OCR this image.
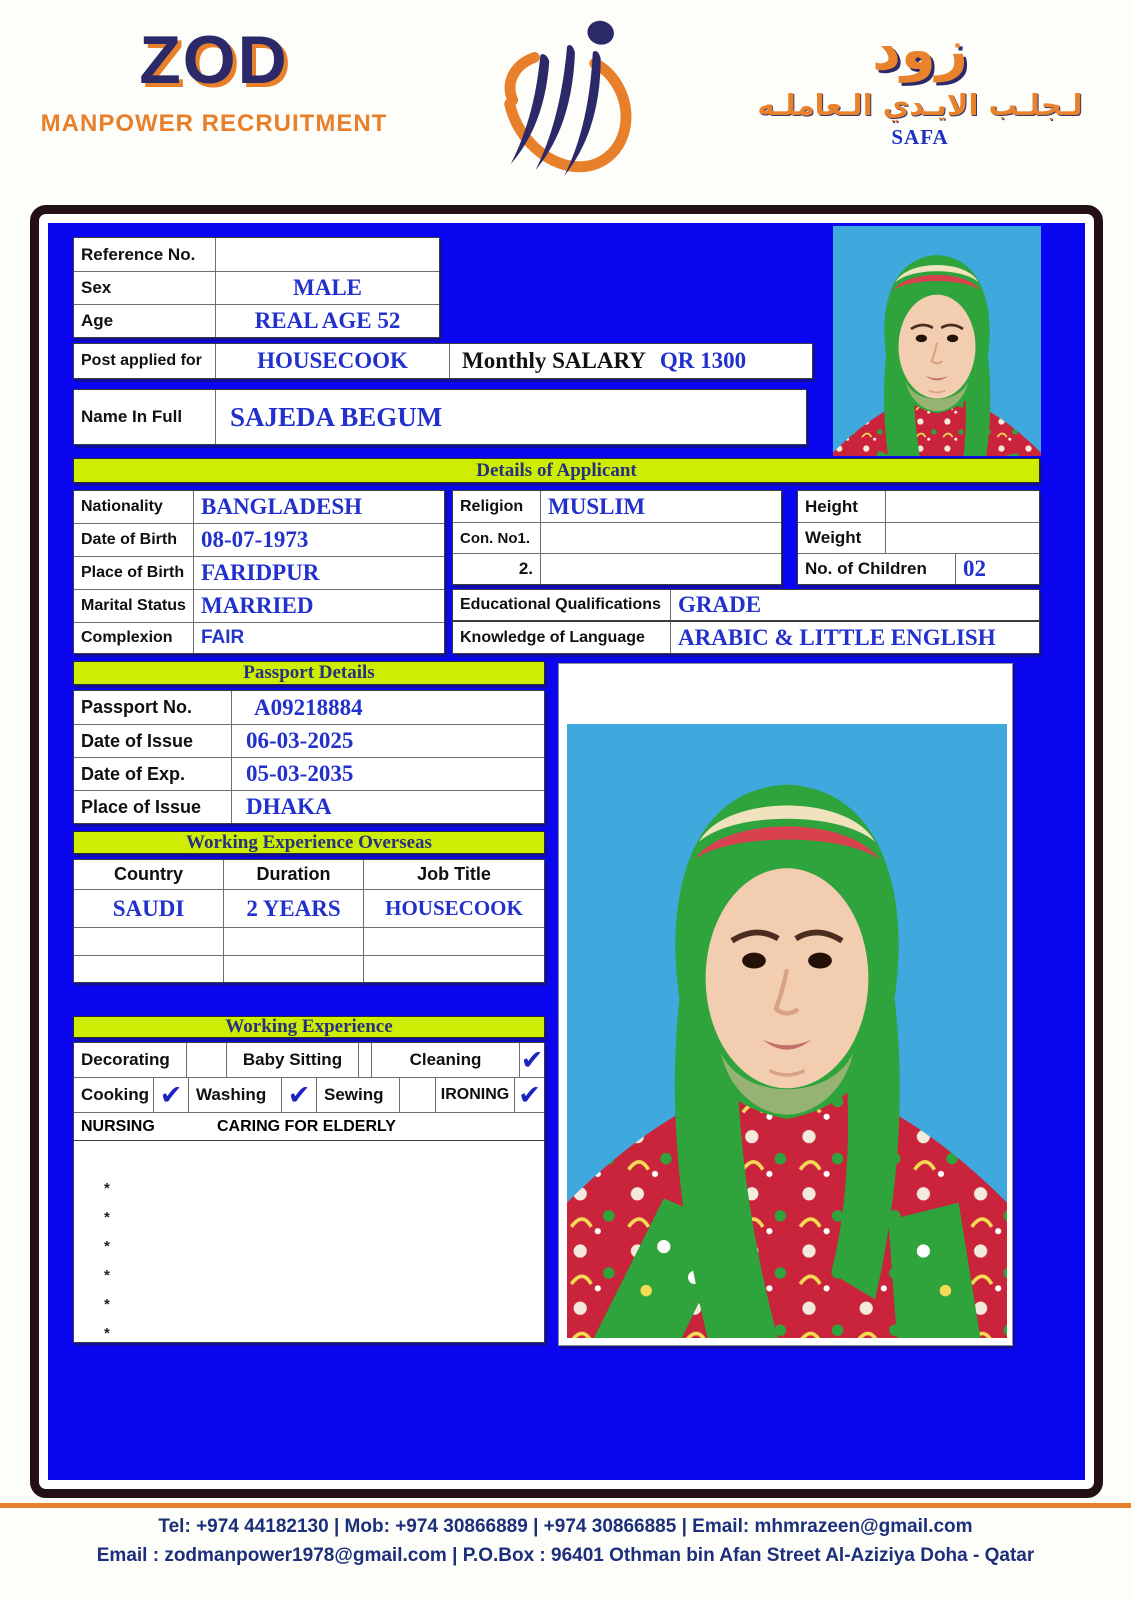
ZOD
MANPOWER RECRUITMENT
زود
لـجلـب الايـدي الـعاملـه
SAFA
Reference No.
Sex	MALE
Age	REAL AGE 52
Post applied for HOUSECOOK Monthly SALARY QR 1300
Name In Full SAJEDA BEGUM
Details of Applicant
Nationality BANGLADESH
Date of Birth 08-07-1973
Place of Birth FARIDPUR
Marital Status MARRIED
Complexion FAIR
Religion MUSLIM
Con. No1.
2.
Height
Weight
No. of Children 02
Educational Qualifications GRADE
Knowledge of Language ARABIC & LITTLE ENGLISH
Passport Details
Passport No.	A09218884
Date of Issue 06-03-2025
Date of Exp.	05-03-2035
Place of Issue DHAKA
Working Experience Overseas
Country	Duration	Job Title
SAUDI	2 YEARS HOUSECOOK
Working Experience
Decorating	Baby Sitting	Cleaning ✔
Cooking ✔ Washing ✔ Sewing	IRONING ✔
NURSING	CARING FOR ELDERLY
*
*
*
*
*
*
Tel: +974 44182130 | Mob: +974 30866889 | +974 30866885 | Email: mhmrazeen@gmail.com
Email : zodmanpower1978@gmail.com | P.O.Box : 96401 Othman bin Afan Street Al-Aziziya Doha - Qatar
